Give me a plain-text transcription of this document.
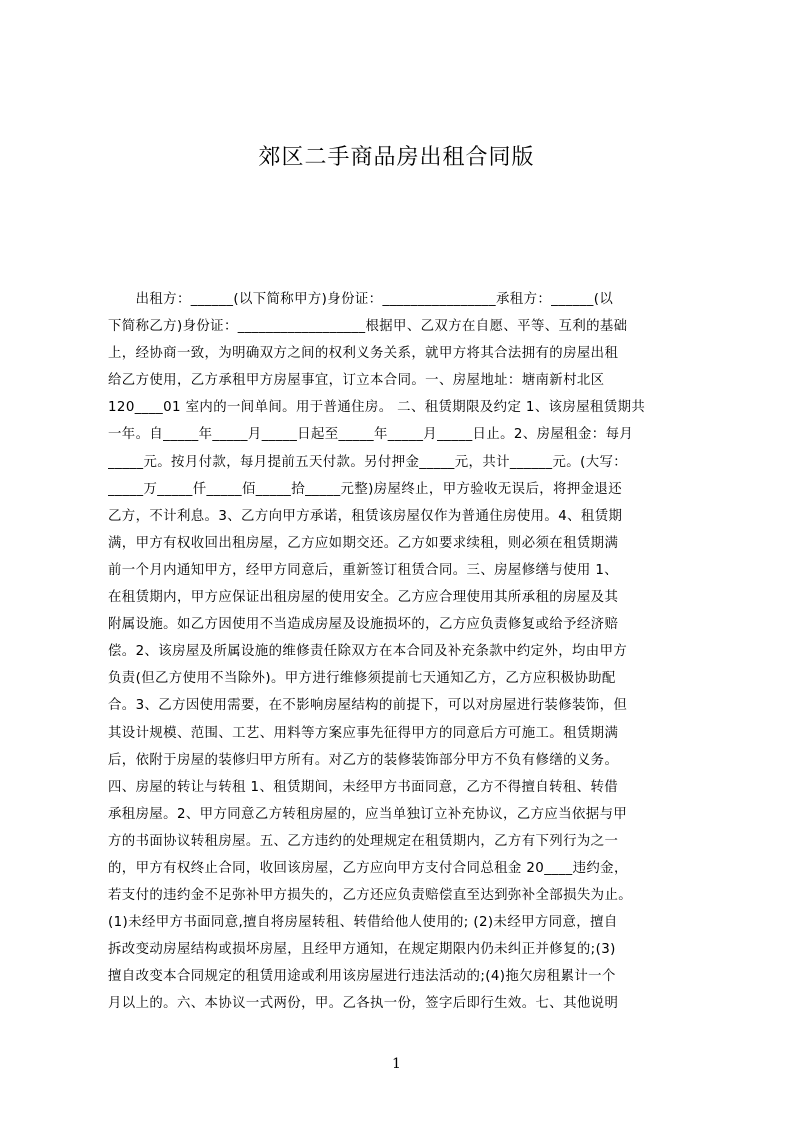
郊区二手商品房出租合同版
　　出租方：______(以下简称甲方)身份证：________________承租方：______(以
下简称乙方)身份证：__________________根据甲、乙双方在自愿、平等、互利的基础
上，经协商一致，为明确双方之间的权利义务关系，就甲方将其合法拥有的房屋出租
给乙方使用，乙方承租甲方房屋事宜，订立本合同。一、房屋地址：塘南新村北区
120____01 室内的一间单间。用于普通住房。 二、租赁期限及约定 1、该房屋租赁期共
一年。自_____年_____月_____日起至_____年_____月_____日止。2、房屋租金：每月
_____元。按月付款，每月提前五天付款。另付押金_____元，共计______元。(大写：
_____万_____仟_____佰_____拾_____元整)房屋终止，甲方验收无误后，将押金退还
乙方，不计利息。3、乙方向甲方承诺，租赁该房屋仅作为普通住房使用。4、租赁期
满，甲方有权收回出租房屋，乙方应如期交还。乙方如要求续租，则必须在租赁期满
前一个月内通知甲方，经甲方同意后，重新签订租赁合同。三、房屋修缮与使用 1、
在租赁期内，甲方应保证出租房屋的使用安全。乙方应合理使用其所承租的房屋及其
附属设施。如乙方因使用不当造成房屋及设施损坏的，乙方应负责修复或给予经济赔
偿。2、该房屋及所属设施的维修责任除双方在本合同及补充条款中约定外，均由甲方
负责(但乙方使用不当除外)。甲方进行维修须提前七天通知乙方，乙方应积极协助配
合。3、乙方因使用需要，在不影响房屋结构的前提下，可以对房屋进行装修装饰，但
其设计规模、范围、工艺、用料等方案应事先征得甲方的同意后方可施工。租赁期满
后，依附于房屋的装修归甲方所有。对乙方的装修装饰部分甲方不负有修缮的义务。
四、房屋的转让与转租 1、租赁期间，未经甲方书面同意，乙方不得擅自转租、转借
承租房屋。2、甲方同意乙方转租房屋的，应当单独订立补充协议，乙方应当依据与甲
方的书面协议转租房屋。五、乙方违约的处理规定在租赁期内，乙方有下列行为之一
的，甲方有权终止合同，收回该房屋，乙方应向甲方支付合同总租金 20____违约金，
若支付的违约金不足弥补甲方损失的，乙方还应负责赔偿直至达到弥补全部损失为止。
(1)未经甲方书面同意,擅自将房屋转租、转借给他人使用的; (2)未经甲方同意，擅自
拆改变动房屋结构或损坏房屋，且经甲方通知，在规定期限内仍未纠正并修复的;(3)
擅自改变本合同规定的租赁用途或利用该房屋进行违法活动的;(4)拖欠房租累计一个
月以上的。六、本协议一式两份，甲。乙各执一份，签字后即行生效。七、其他说明
1
